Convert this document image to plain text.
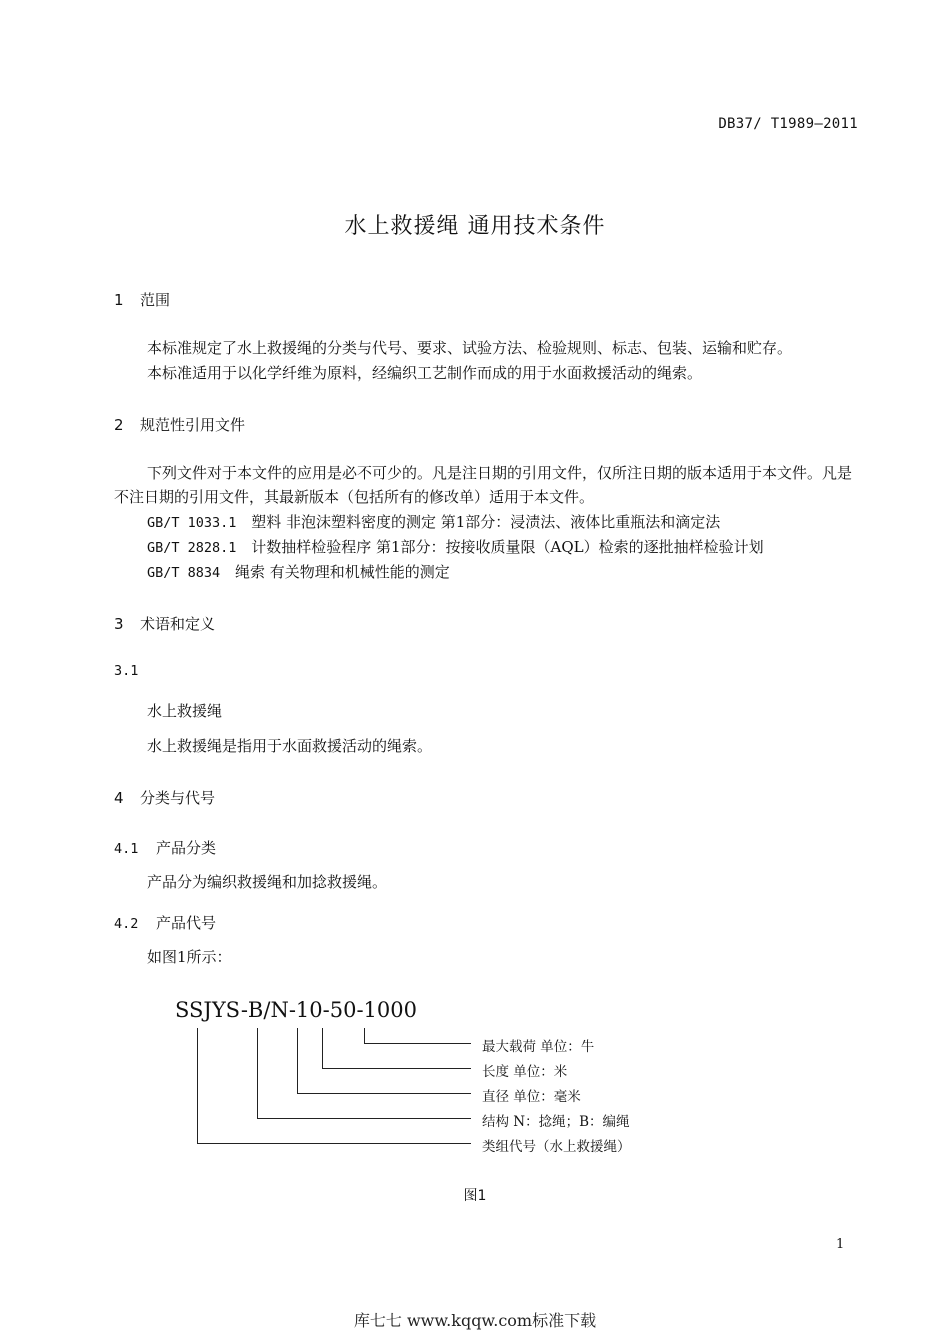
DB37/ T1989—2011
水上救援绳 通用技术条件
1 范围
本标准规定了水上救援绳的分类与代号、要求、试验方法、检验规则、标志、包装、运输和贮存。
本标准适用于以化学纤维为原料，经编织工艺制作而成的用于水面救援活动的绳索。
2 规范性引用文件
下列文件对于本文件的应用是必不可少的。凡是注日期的引用文件，仅所注日期的版本适用于本文件。凡是不注日期的引用文件，其最新版本（包括所有的修改单）适用于本文件。
GB/T 1033.1 塑料 非泡沫塑料密度的测定 第1部分：浸渍法、液体比重瓶法和滴定法
GB/T 2828.1 计数抽样检验程序 第1部分：按接收质量限（AQL）检索的逐批抽样检验计划
GB/T 8834 绳索 有关物理和机械性能的测定
3 术语和定义
3.1
水上救援绳
水上救援绳是指用于水面救援活动的绳索。
4 分类与代号
4.1 产品分类
产品分为编织救援绳和加捻救援绳。
4.2 产品代号
如图1所示：
SSJYS-B/N-10-50-1000
最大载荷 单位：牛
长度 单位：米
直径 单位：毫米
结构 N：捻绳；B：编绳
类组代号（水上救援绳）
图1
1
库七七 www.kqqw.com标准下载
